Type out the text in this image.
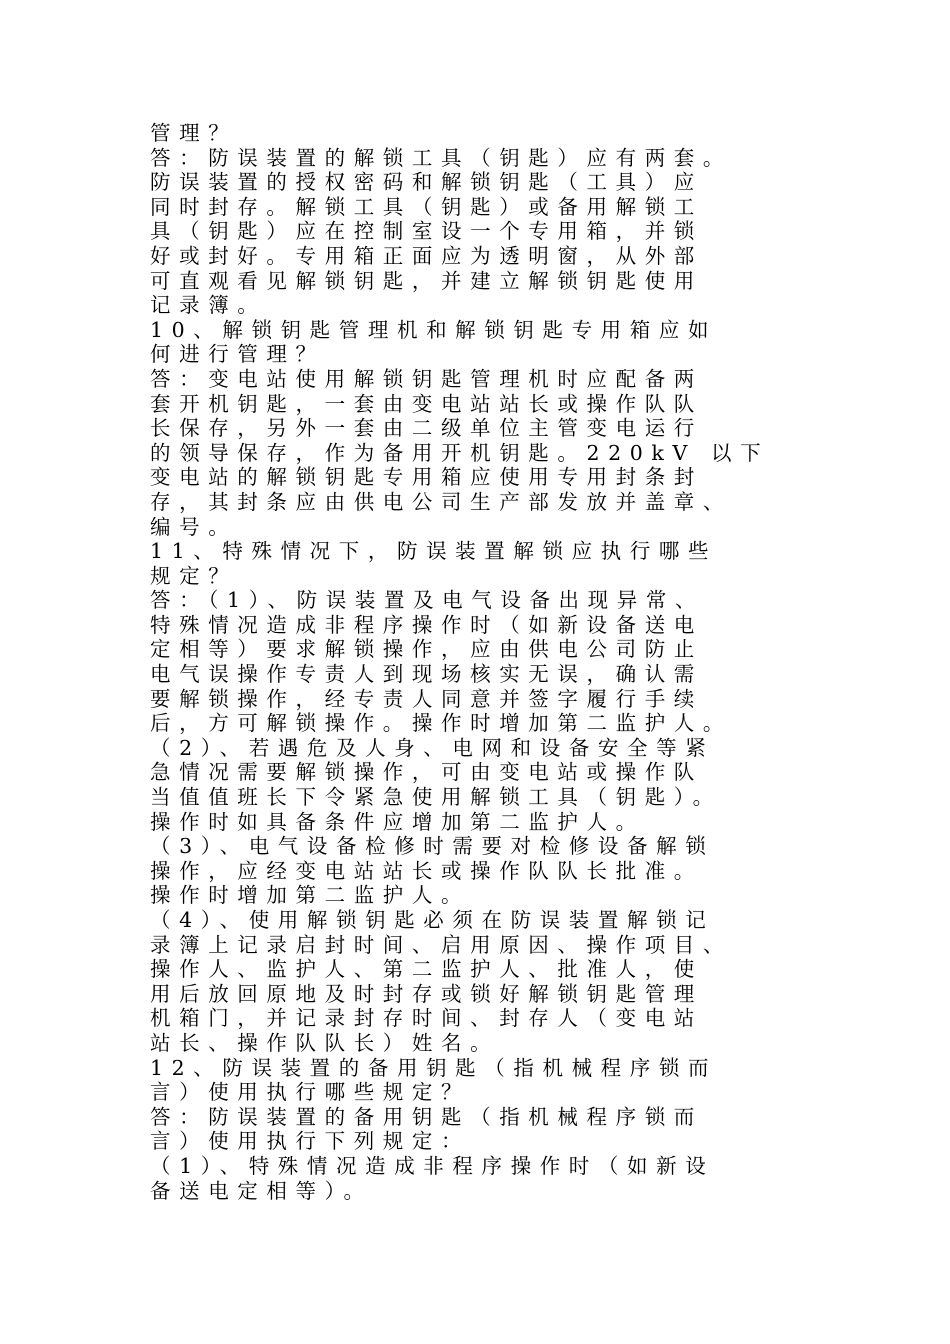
管理？
答：防误装置的解锁工具（钥匙）应有两套。
防误装置的授权密码和解锁钥匙（工具）应
同时封存。解锁工具（钥匙）或备用解锁工
具（钥匙）应在控制室设一个专用箱，并锁
好或封好。专用箱正面应为透明窗，从外部
可直观看见解锁钥匙，并建立解锁钥匙使用
记录簿。
10、解锁钥匙管理机和解锁钥匙专用箱应如
何进行管理？
答：变电站使用解锁钥匙管理机时应配备两
套开机钥匙，一套由变电站站长或操作队队
长保存，另外一套由二级单位主管变电运行
的领导保存，作为备用开机钥匙。220kV 以下
变电站的解锁钥匙专用箱应使用专用封条封
存，其封条应由供电公司生产部发放并盖章、
编号。
11、特殊情况下，防误装置解锁应执行哪些
规定？
答：（1）、防误装置及电气设备出现异常、
特殊情况造成非程序操作时（如新设备送电
定相等）要求解锁操作，应由供电公司防止
电气误操作专责人到现场核实无误，确认需
要解锁操作，经专责人同意并签字履行手续
后，方可解锁操作。操作时增加第二监护人。
（2）、若遇危及人身、电网和设备安全等紧
急情况需要解锁操作，可由变电站或操作队
当值值班长下令紧急使用解锁工具（钥匙）。
操作时如具备条件应增加第二监护人。
（3）、电气设备检修时需要对检修设备解锁
操作，应经变电站站长或操作队队长批准。
操作时增加第二监护人。
（4）、使用解锁钥匙必须在防误装置解锁记
录簿上记录启封时间、启用原因、操作项目、
操作人、监护人、第二监护人、批准人，使
用后放回原地及时封存或锁好解锁钥匙管理
机箱门，并记录封存时间、封存人（变电站
站长、操作队队长）姓名。
12、防误装置的备用钥匙（指机械程序锁而
言）使用执行哪些规定？
答：防误装置的备用钥匙（指机械程序锁而
言）使用执行下列规定：
（1）、特殊情况造成非程序操作时（如新设
备送电定相等）。
